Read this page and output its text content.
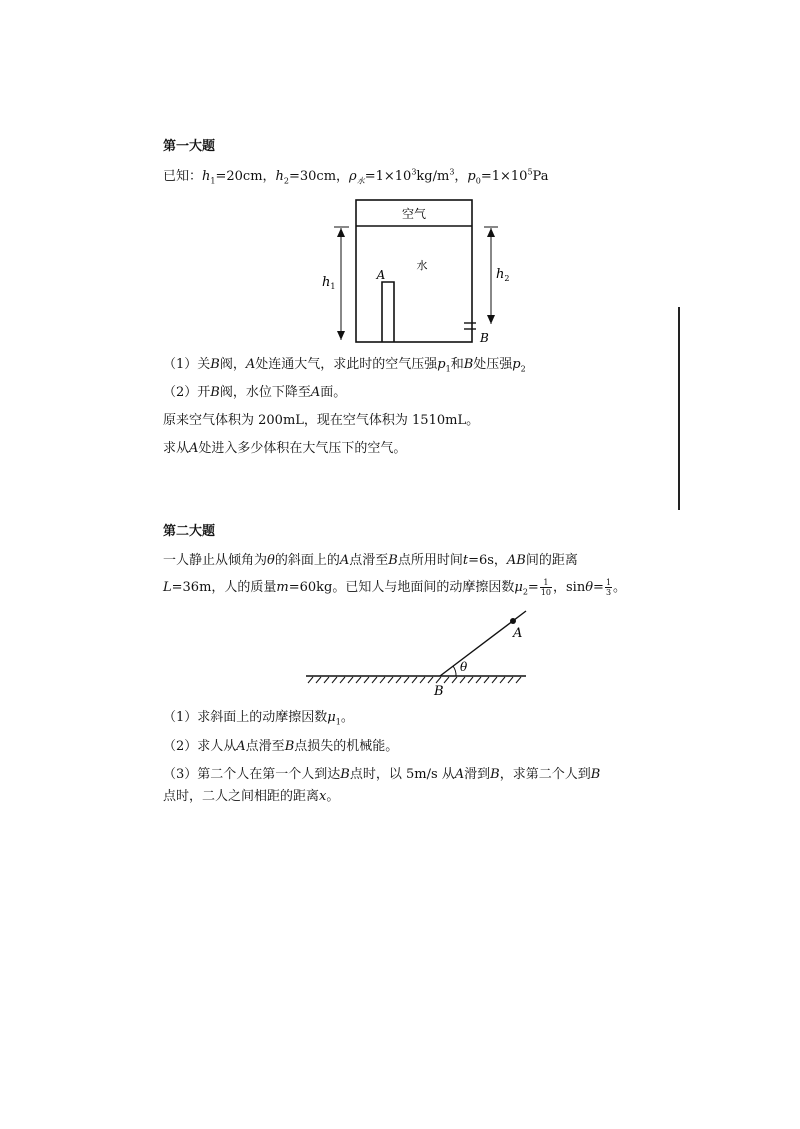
第一大题
已知：$h_1=20cm$，$h_2=30cm$，$\rho_水=1\times 10^3kg/m^3$，$p_0=1\times 10^5Pa$
空气
水
A
$h_1$
$h_2$
B
（1）关B阀，A处连通大气，求此时的空气压强$p_1$和B处压强$p_2$
（2）开B阀，水位下降至A面。
原来空气体积为 200mL，现在空气体积为 1510mL。
求从A处进入多少体积在大气压下的空气。
第二大题
一人静止从倾角为θ的斜面上的A点滑至B点所用时间t=6s，AB间的距离
L=36m，人的质量m=60kg。已知人与地面间的动摩擦因数$\mu_2= \frac{1}{10}$ ，$\sin\theta= \frac{1}{3}$ 。
A
θ
B
（1）求斜面上的动摩擦因数$\mu_1$。
（2）求人从A点滑至B点损失的机械能。
（3）第二个人在第一个人到达B点时，以 5m/s 从A滑到B，求第二个人到B
点时，二人之间相距的距离x。
